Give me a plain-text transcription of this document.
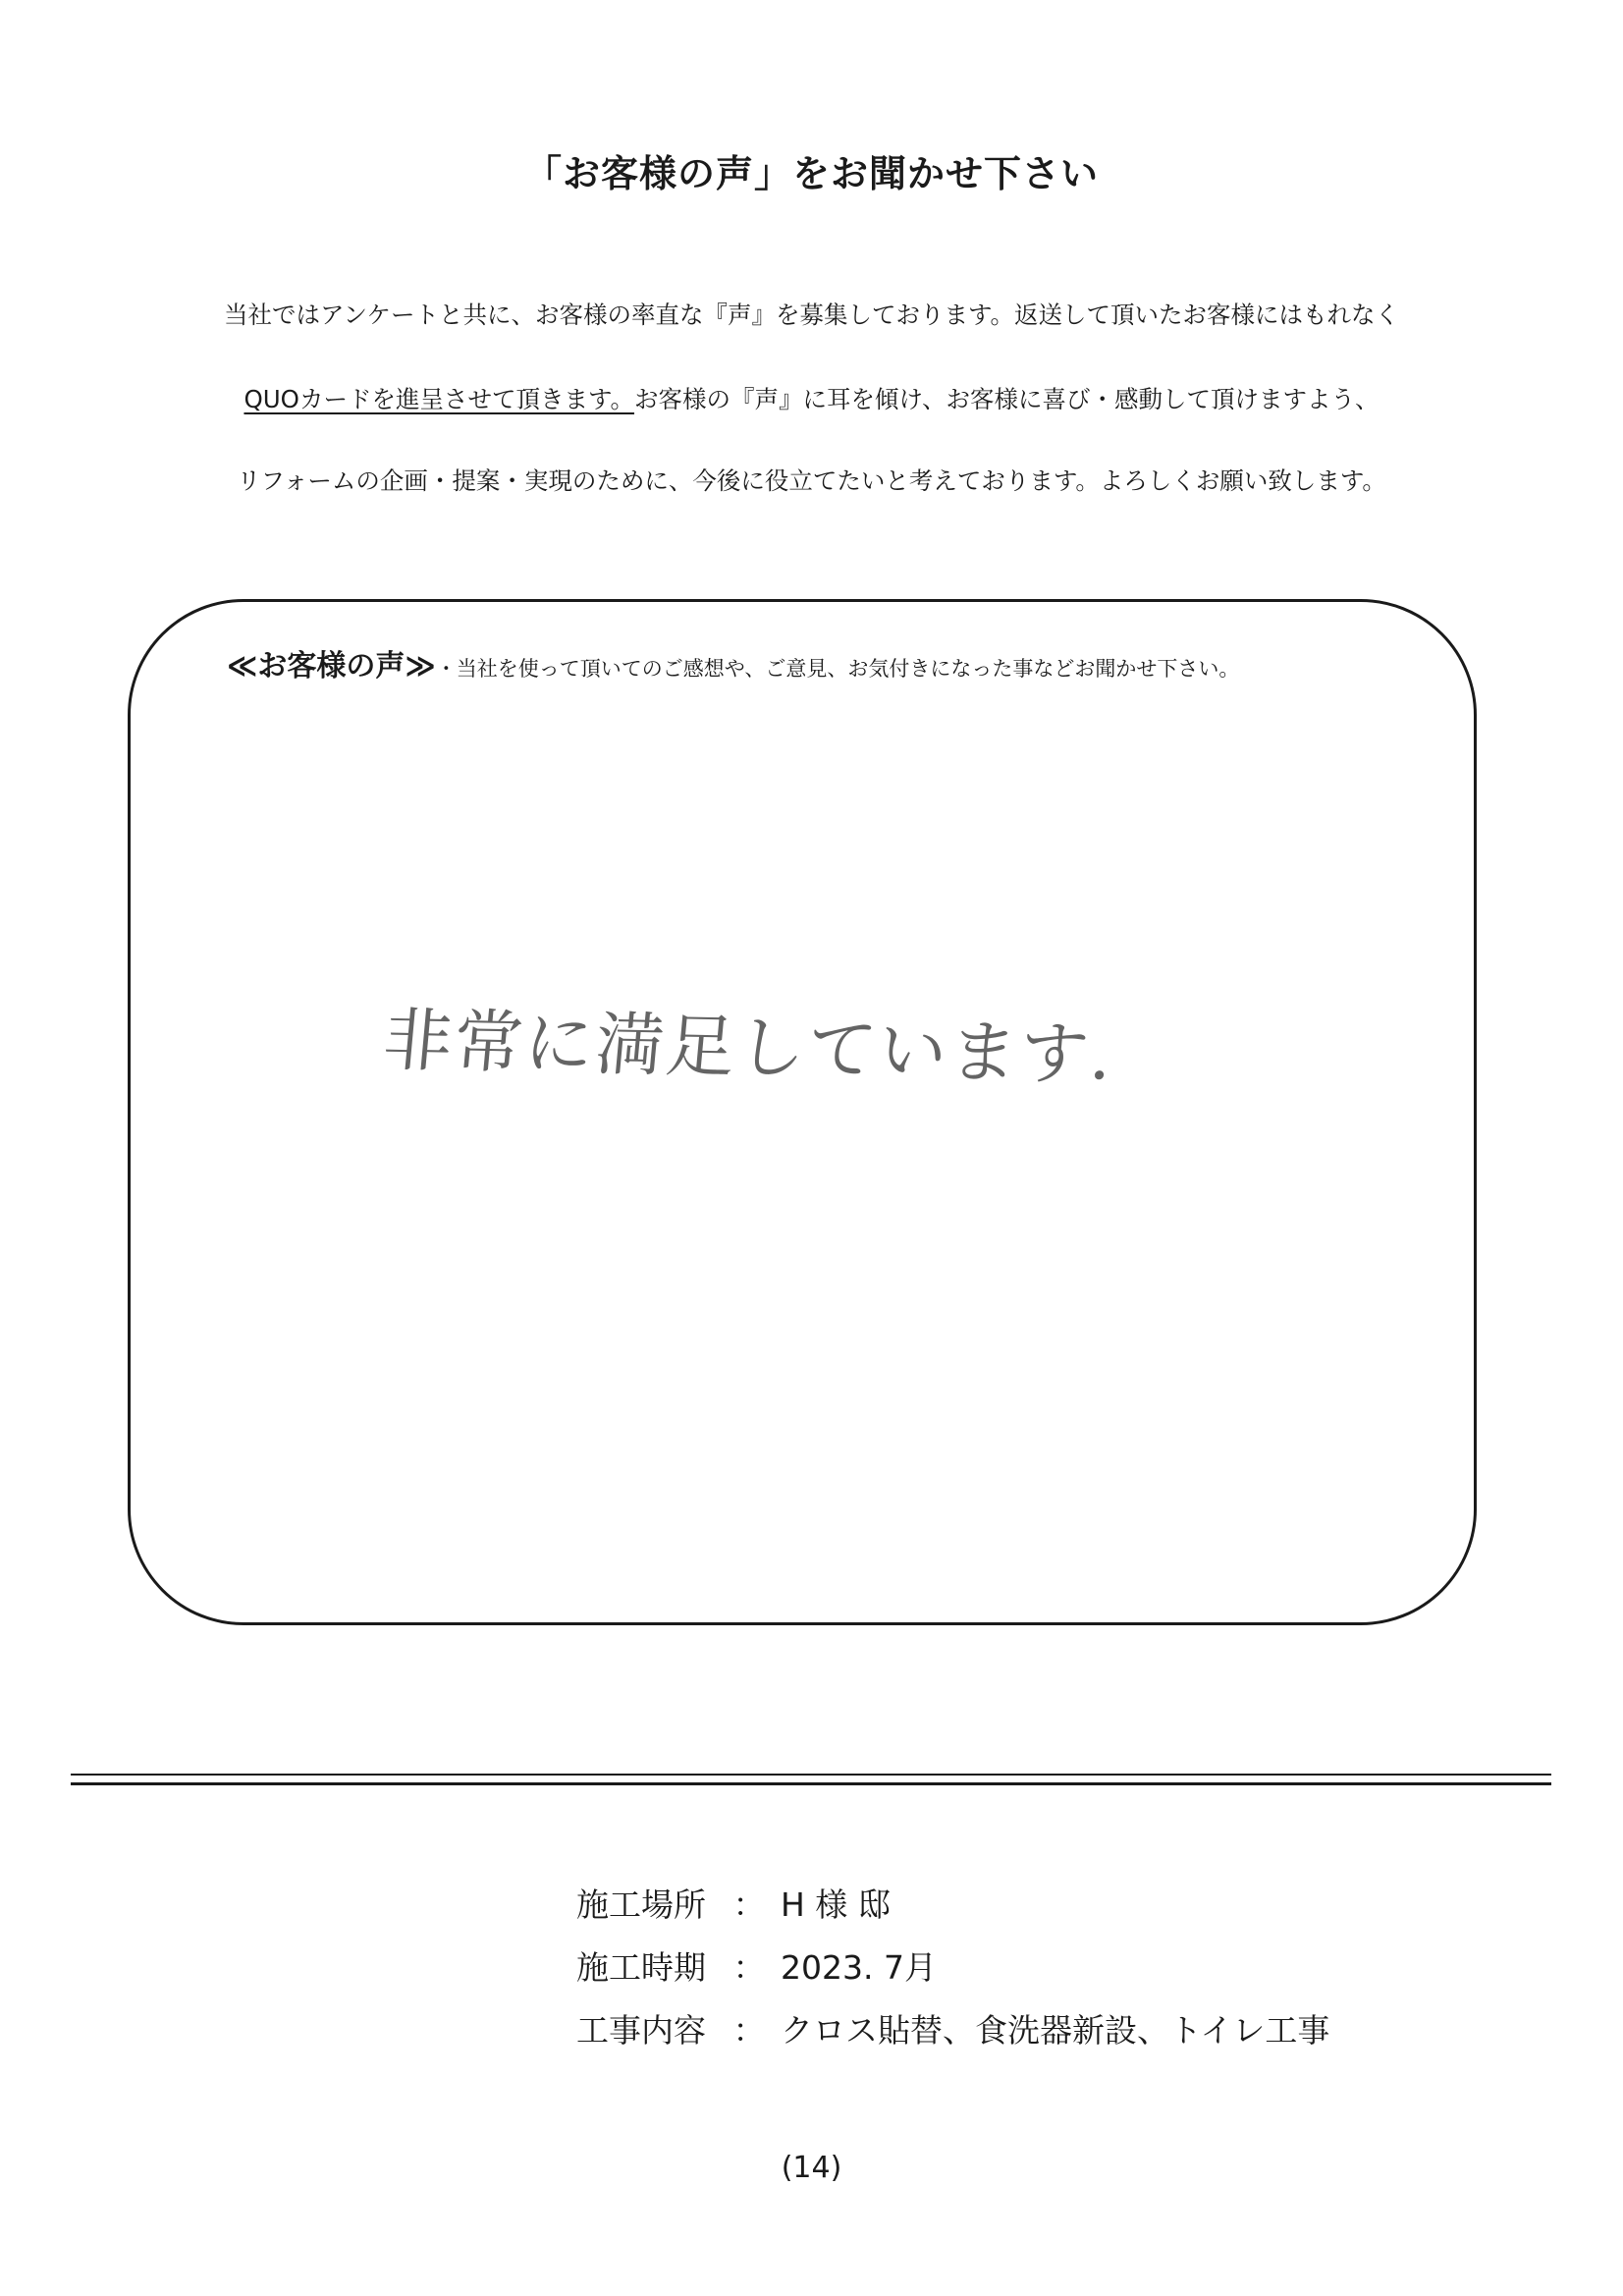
「お客様の声」をお聞かせ下さい
当社ではアンケートと共に、お客様の率直な『声』を募集しております。返送して頂いたお客様にはもれなく
QUOカードを進呈させて頂きます。お客様の『声』に耳を傾け、お客様に喜び・感動して頂けますよう、
リフォームの企画・提案・実現のために、今後に役立てたいと考えております。よろしくお願い致します。
≪お客様の声≫・当社を使って頂いてのご感想や、ご意見、お気付きになった事などお聞かせ下さい。
非常に満足しています.
施工場所 ： H 様 邸
施工時期 ： 2023. 7月
工事内容 ： クロス貼替、食洗器新設、トイレ工事
(14)
